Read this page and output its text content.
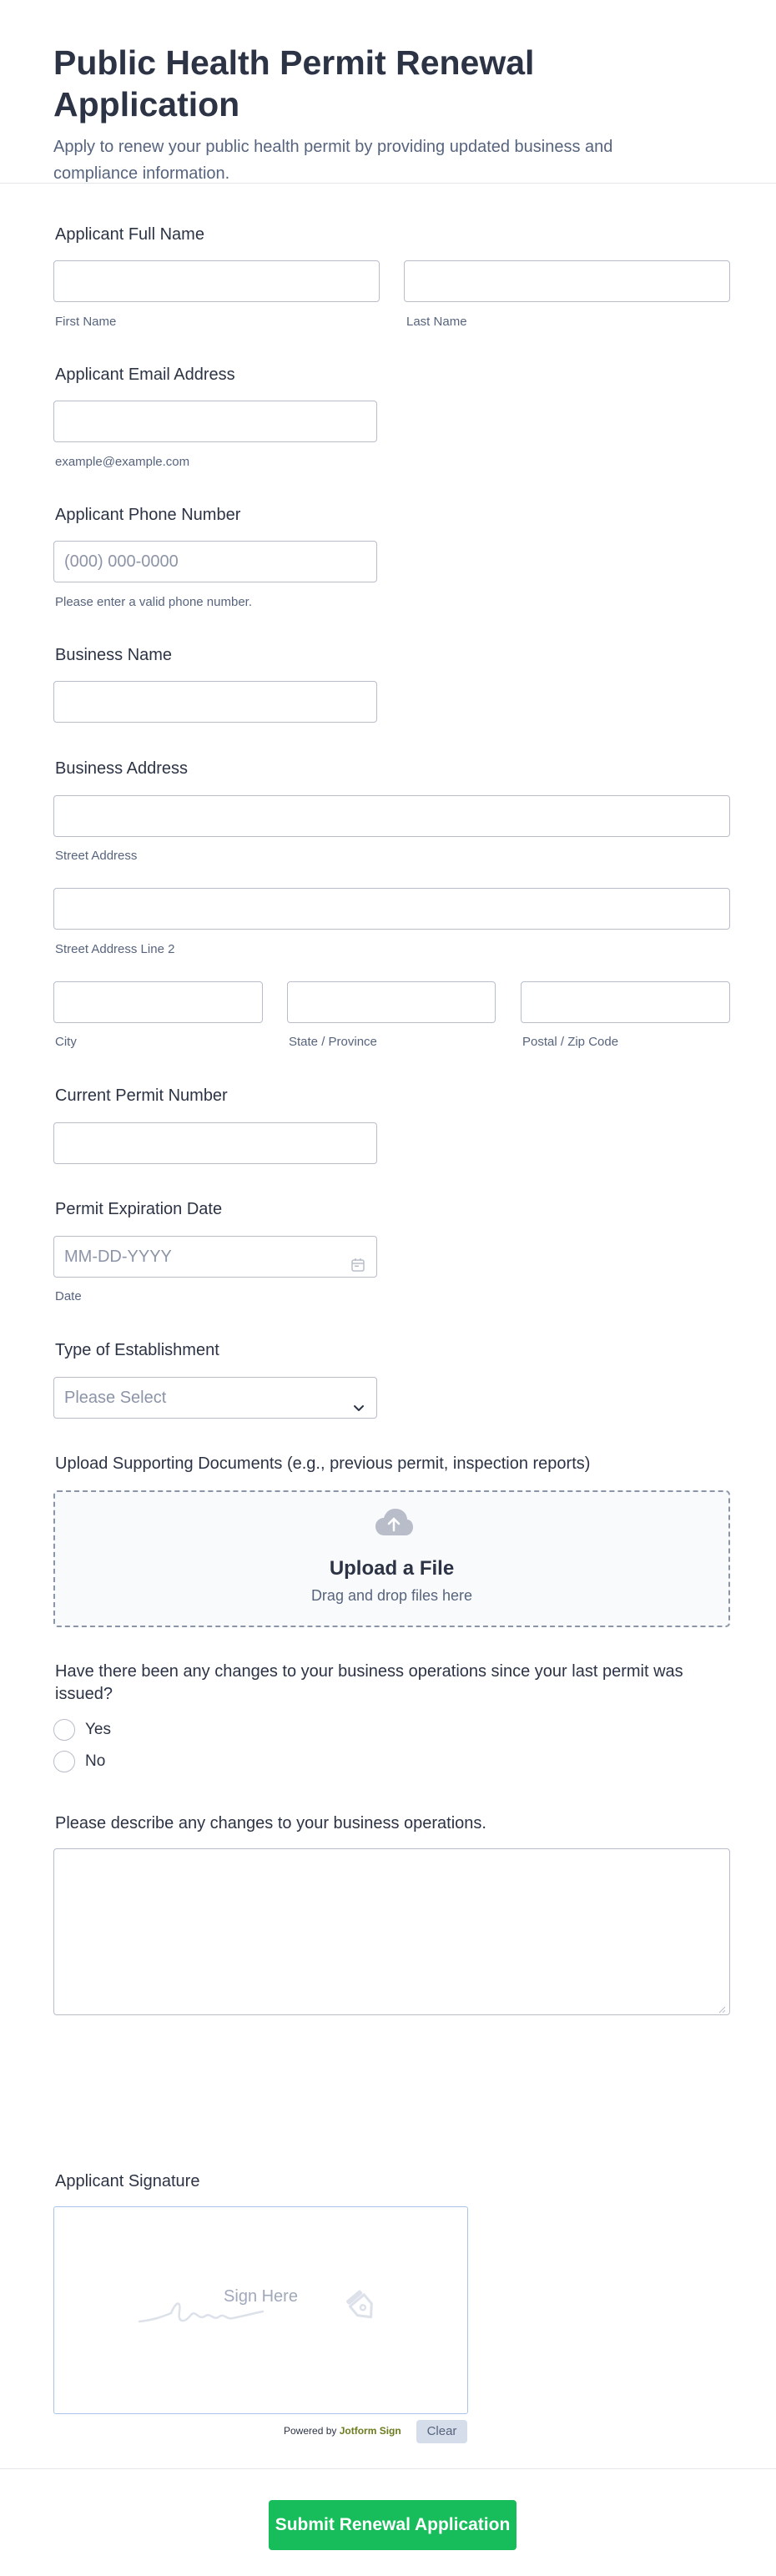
Public Health Permit Renewal Application
Apply to renew your public health permit by providing updated business and compliance information.
Applicant Full Name
First Name	Last Name
Applicant Email Address
example@example.com
Applicant Phone Number
(000) 000-0000
Please enter a valid phone number.
Business Name
Business Address
Street Address
Street Address Line 2
City	State / Province	Postal / Zip Code
Current Permit Number
Permit Expiration Date
MM-DD-YYYY
Date
Type of Establishment
Please Select
Upload Supporting Documents (e.g., previous permit, inspection reports)
Upload a File
Drag and drop files here
Have there been any changes to your business operations since your last permit was
issued?
Yes
No
Please describe any changes to your business operations.
Applicant Signature
Sign Here
Powered by Jotform Sign	Clear
Submit Renewal Application
